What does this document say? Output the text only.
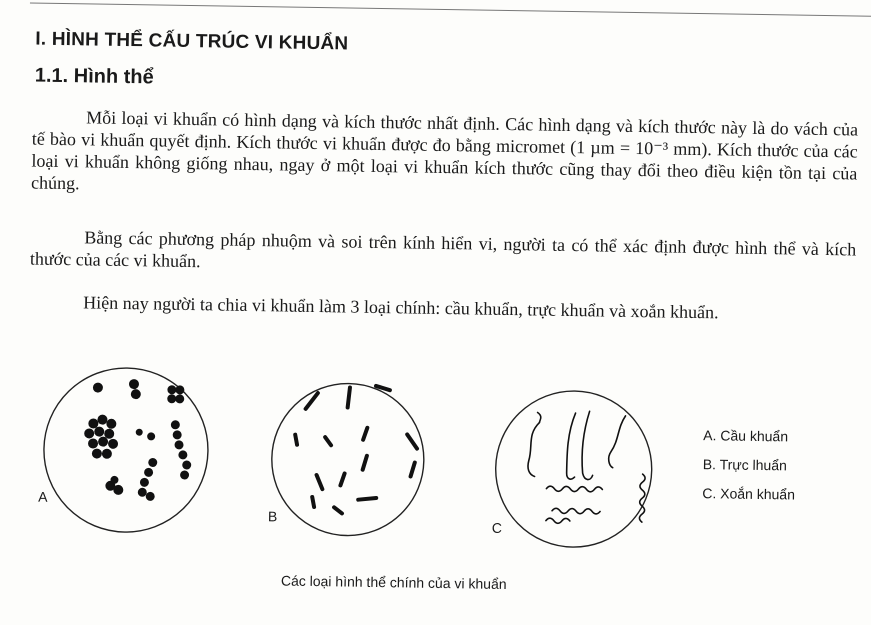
I. HÌNH THỂ CẤU TRÚC VI KHUẨN
1.1. Hình thể
Mỗi loại vi khuẩn có hình dạng và kích thước nhất định. Các hình dạng và kích thước này là do vách của tế bào vi khuẩn quyết định. Kích thước vi khuẩn được đo bằng micromet (1 µm = 10⁻³ mm). Kích thước của các loại vi khuẩn không giống nhau, ngay ở một loại vi khuẩn kích thước cũng thay đổi theo điều kiện tồn tại của chúng.
Bằng các phương pháp nhuộm và soi trên kính hiển vi, người ta có thể xác định được hình thể và kích thước của các vi khuẩn.
Hiện nay người ta chia vi khuẩn làm 3 loại chính: cầu khuẩn, trực khuẩn và xoắn khuẩn.
A
B
C
A. Cầu khuẩn
B. Trực lhuẩn
C. Xoắn khuẩn
Các loại hình thể chính của vi khuẩn
